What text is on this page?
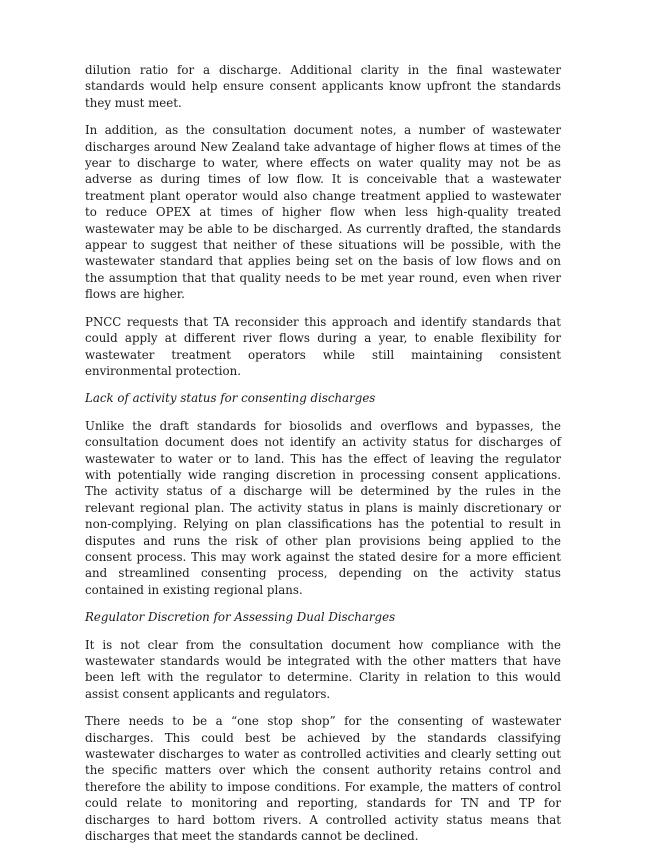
dilution ratio for a discharge. Additional clarity in the final wastewater standards would help ensure consent applicants know upfront the standards they must meet.

In addition, as the consultation document notes, a number of wastewater discharges around New Zealand take advantage of higher flows at times of the year to discharge to water, where effects on water quality may not be as adverse as during times of low flow. It is conceivable that a wastewater treatment plant operator would also change treatment applied to wastewater to reduce OPEX at times of higher flow when less high-quality treated wastewater may be able to be discharged. As currently drafted, the standards appear to suggest that neither of these situations will be possible, with the wastewater standard that applies being set on the basis of low flows and on the assumption that that quality needs to be met year round, even when river flows are higher.

PNCC requests that TA reconsider this approach and identify standards that could apply at different river flows during a year, to enable flexibility for wastewater treatment operators while still maintaining consistent environmental protection.

Lack of activity status for consenting discharges

Unlike the draft standards for biosolids and overflows and bypasses, the consultation document does not identify an activity status for discharges of wastewater to water or to land. This has the effect of leaving the regulator with potentially wide ranging discretion in processing consent applications. The activity status of a discharge will be determined by the rules in the relevant regional plan. The activity status in plans is mainly discretionary or non-complying. Relying on plan classifications has the potential to result in disputes and runs the risk of other plan provisions being applied to the consent process. This may work against the stated desire for a more efficient and streamlined consenting process, depending on the activity status contained in existing regional plans.

Regulator Discretion for Assessing Dual Discharges

It is not clear from the consultation document how compliance with the wastewater standards would be integrated with the other matters that have been left with the regulator to determine. Clarity in relation to this would assist consent applicants and regulators.

There needs to be a “one stop shop” for the consenting of wastewater discharges. This could best be achieved by the standards classifying wastewater discharges to water as controlled activities and clearly setting out the specific matters over which the consent authority retains control and therefore the ability to impose conditions. For example, the matters of control could relate to monitoring and reporting, standards for TN and TP for discharges to hard bottom rivers. A controlled activity status means that discharges that meet the standards cannot be declined.
